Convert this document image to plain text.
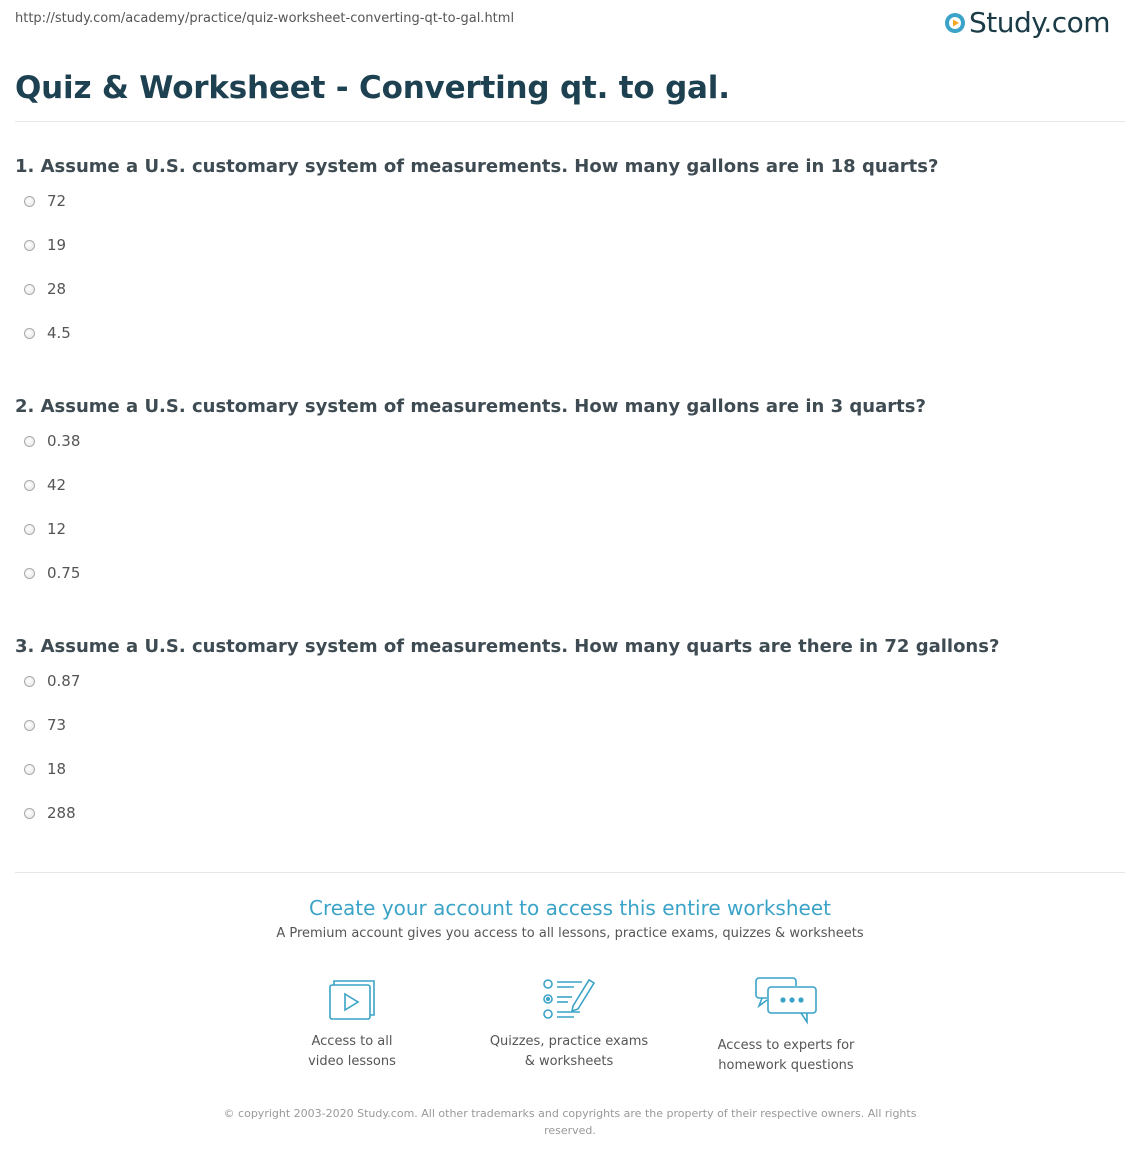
http://study.com/academy/practice/quiz-worksheet-converting-qt-to-gal.html	Study.com
Quiz & Worksheet - Converting qt. to gal.
1. Assume a U.S. customary system of measurements. How many gallons are in 18 quarts?
72
19
28
4.5
2. Assume a U.S. customary system of measurements. How many gallons are in 3 quarts?
0.38
42
12
0.75
3. Assume a U.S. customary system of measurements. How many quarts are there in 72 gallons?
0.87
73
18
288
Create your account to access this entire worksheet
A Premium account gives you access to all lessons, practice exams, quizzes & worksheets
Access to all
video lessons
Quizzes, practice exams
& worksheets
Access to experts for
homework questions
© copyright 2003-2020 Study.com. All other trademarks and copyrights are the property of their respective owners. All rights
reserved.
